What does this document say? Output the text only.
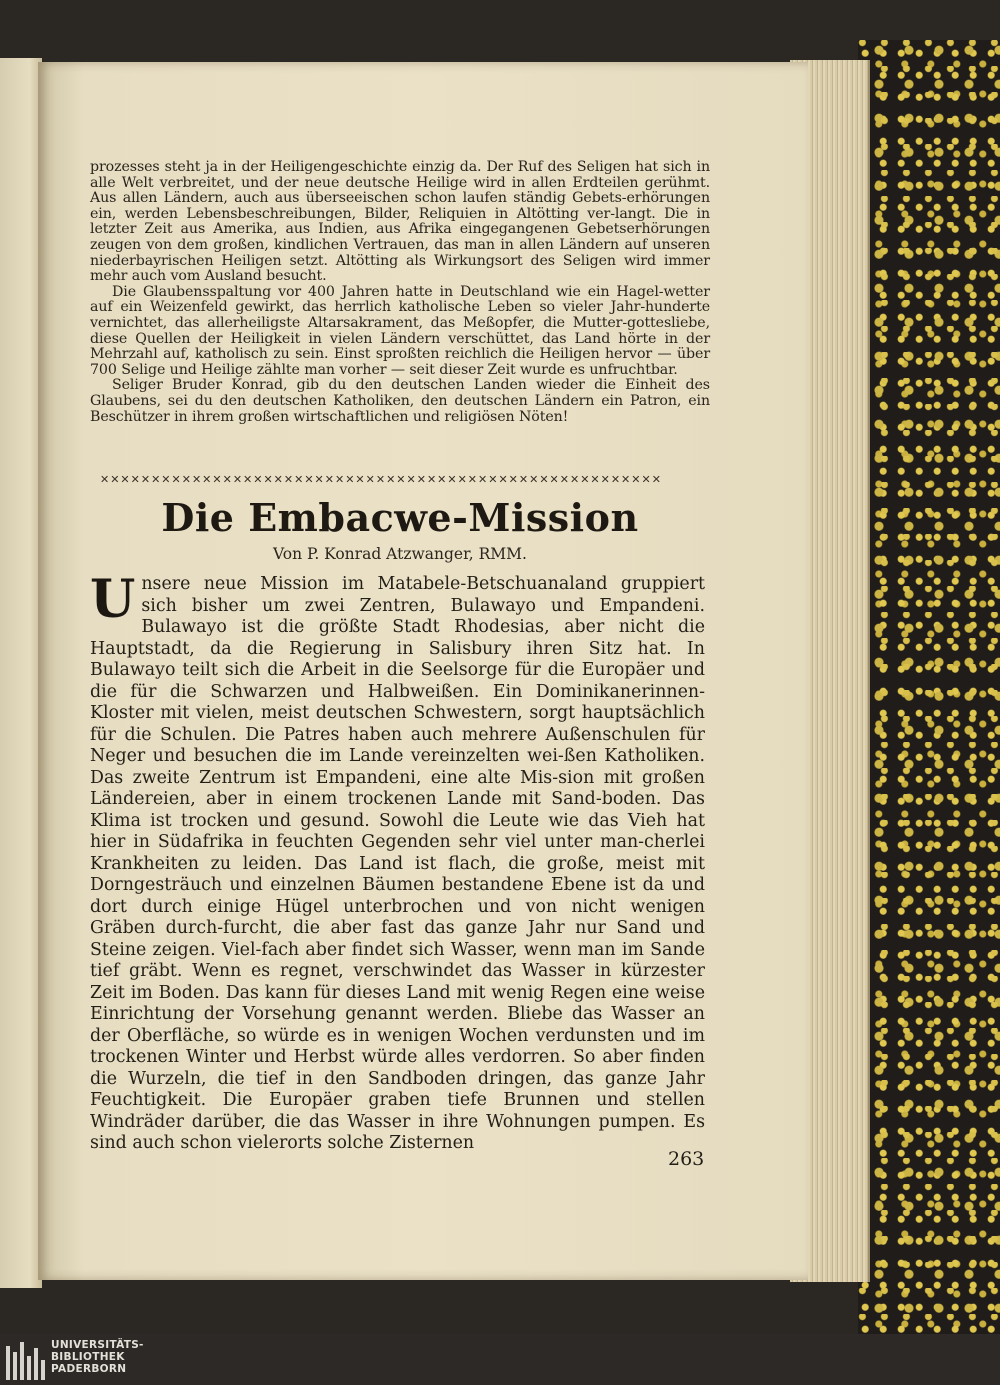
prozesses steht ja in der Heiligengeschichte einzig da. Der Ruf des Seligen hat sich in alle Welt verbreitet, und der neue deutsche Heilige wird in allen Erdteilen gerühmt. Aus allen Ländern, auch aus überseeischen schon laufen ständig Gebets-erhörungen ein, werden Lebensbeschreibungen, Bilder, Reliquien in Altötting ver-langt. Die in letzter Zeit aus Amerika, aus Indien, aus Afrika eingegangenen Gebetserhörungen zeugen von dem großen, kindlichen Vertrauen, das man in allen Ländern auf unseren niederbayrischen Heiligen setzt. Altötting als Wirkungsort des Seligen wird immer mehr auch vom Ausland besucht.

Die Glaubensspaltung vor 400 Jahren hatte in Deutschland wie ein Hagel-wetter auf ein Weizenfeld gewirkt, das herrlich katholische Leben so vieler Jahr-hunderte vernichtet, das allerheiligste Altarsakrament, das Meßopfer, die Mutter-gottesliebe, diese Quellen der Heiligkeit in vielen Ländern verschüttet, das Land hörte in der Mehrzahl auf, katholisch zu sein. Einst sproßten reichlich die Heiligen hervor — über 700 Selige und Heilige zählte man vorher — seit dieser Zeit wurde es unfruchtbar.

Seliger Bruder Konrad, gib du den deutschen Landen wieder die Einheit des Glaubens, sei du den deutschen Katholiken, den deutschen Ländern ein Patron, ein Beschützer in ihrem großen wirtschaftlichen und religiösen Nöten!

✕✕✕✕✕✕✕✕✕✕✕✕✕✕✕✕✕✕✕✕✕✕✕✕✕✕✕✕✕✕✕✕✕✕✕✕✕✕✕✕✕✕✕✕✕✕✕✕✕✕✕✕✕✕✕
Die Embacwe-Mission
Von P. Konrad Atzwanger, RMM.
Unsere neue Mission im Matabele-Betschuanaland gruppiert sich bisher um zwei Zentren, Bulawayo und Empandeni. Bulawayo ist die größte Stadt Rhodesias, aber nicht die Hauptstadt, da die Regierung in Salisbury ihren Sitz hat. In Bulawayo teilt sich die Arbeit in die Seelsorge für die Europäer und die für die Schwarzen und Halbweißen. Ein Dominikanerinnen-Kloster mit vielen, meist deutschen Schwestern, sorgt hauptsächlich für die Schulen. Die Patres haben auch mehrere Außenschulen für Neger und besuchen die im Lande vereinzelten wei-ßen Katholiken. Das zweite Zentrum ist Empandeni, eine alte Mis-sion mit großen Ländereien, aber in einem trockenen Lande mit Sand-boden. Das Klima ist trocken und gesund. Sowohl die Leute wie das Vieh hat hier in Südafrika in feuchten Gegenden sehr viel unter man-cherlei Krankheiten zu leiden. Das Land ist flach, die große, meist mit Dorngesträuch und einzelnen Bäumen bestandene Ebene ist da und dort durch einige Hügel unterbrochen und von nicht wenigen Gräben durch-furcht, die aber fast das ganze Jahr nur Sand und Steine zeigen. Viel-fach aber findet sich Wasser, wenn man im Sande tief gräbt. Wenn es regnet, verschwindet das Wasser in kürzester Zeit im Boden. Das kann für dieses Land mit wenig Regen eine weise Einrichtung der Vorsehung genannt werden. Bliebe das Wasser an der Oberfläche, so würde es in wenigen Wochen verdunsten und im trockenen Winter und Herbst würde alles verdorren. So aber finden die Wurzeln, die tief in den Sandboden dringen, das ganze Jahr Feuchtigkeit. Die Europäer graben tiefe Brunnen und stellen Windräder darüber, die das Wasser in ihre Wohnungen pumpen. Es sind auch schon vielerorts solche Zisternen
263
UNIVERSITÄTS-
BIBLIOTHEK
PADERBORN
